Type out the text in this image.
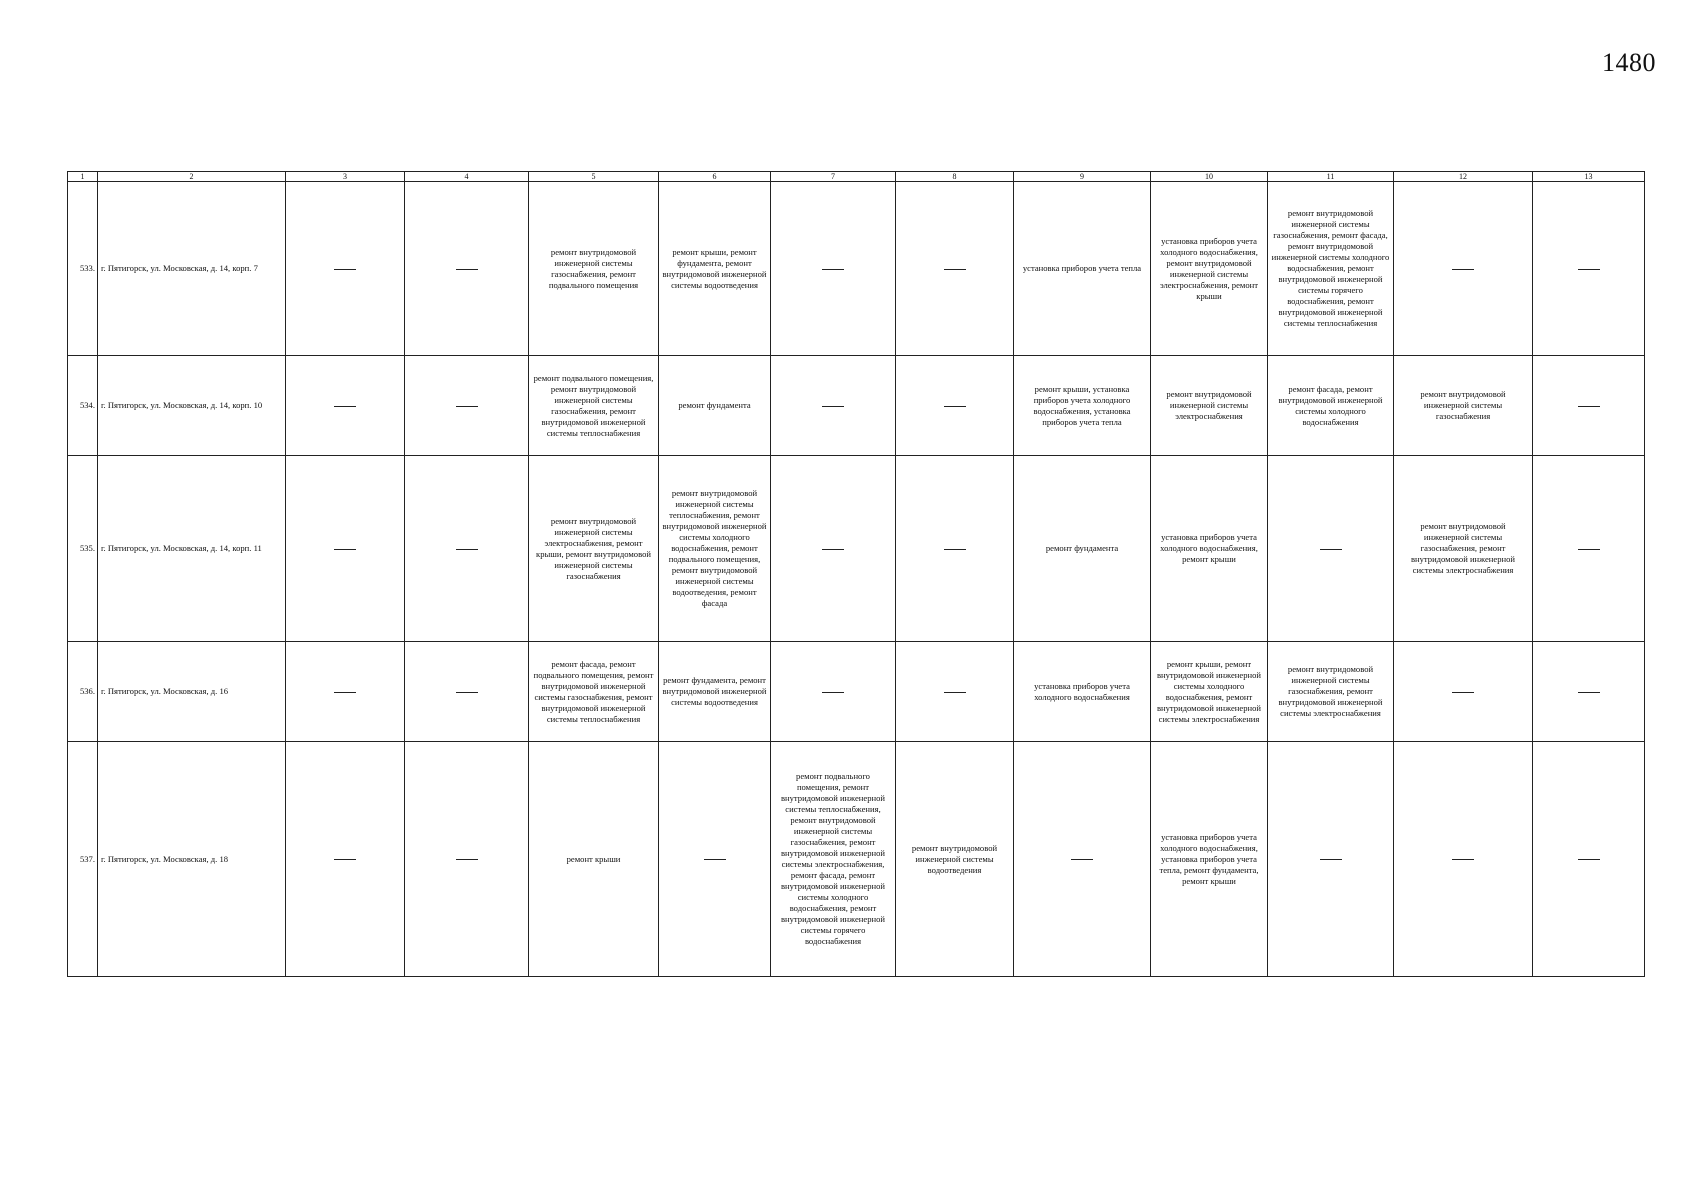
1480
1	2	3	4	5	6	7	8	9	10	11	12	13
533.	г. Пятигорск, ул. Московская, д. 14, корп. 7			ремонт внутридомовой инженерной системы газоснабжения, ремонт подвального помещения	ремонт крыши, ремонт фундамента, ремонт внутридомовой инженерной системы водоотведения			установка приборов учета тепла	установка приборов учета холодного водоснабжения, ремонт внутридомовой инженерной системы электроснабжения, ремонт крыши	ремонт внутридомовой инженерной системы газоснабжения, ремонт фасада, ремонт внутридомовой инженерной системы холодного водоснабжения, ремонт внутридомовой инженерной системы горячего водоснабжения, ремонт внутридомовой инженерной системы теплоснабжения		
534.	г. Пятигорск, ул. Московская, д. 14, корп. 10			ремонт подвального помещения, ремонт внутридомовой инженерной системы газоснабжения, ремонт внутридомовой инженерной системы теплоснабжения	ремонт фундамента			ремонт крыши, установка приборов учета холодного водоснабжения, установка приборов учета тепла	ремонт внутридомовой инженерной системы электроснабжения	ремонт фасада, ремонт внутридомовой инженерной системы холодного водоснабжения	ремонт внутридомовой инженерной системы газоснабжения	
535.	г. Пятигорск, ул. Московская, д. 14, корп. 11			ремонт внутридомовой инженерной системы электроснабжения, ремонт крыши, ремонт внутридомовой инженерной системы газоснабжения	ремонт внутридомовой инженерной системы теплоснабжения, ремонт внутридомовой инженерной системы холодного водоснабжения, ремонт подвального помещения, ремонт внутридомовой инженерной системы водоотведения, ремонт фасада			ремонт фундамента	установка приборов учета холодного водоснабжения, ремонт крыши		ремонт внутридомовой инженерной системы газоснабжения, ремонт внутридомовой инженерной системы электроснабжения	
536.	г. Пятигорск, ул. Московская, д. 16			ремонт фасада, ремонт подвального помещения, ремонт внутридомовой инженерной системы газоснабжения, ремонт внутридомовой инженерной системы теплоснабжения	ремонт фундамента, ремонт внутридомовой инженерной системы водоотведения			установка приборов учета холодного водоснабжения	ремонт крыши, ремонт внутридомовой инженерной системы холодного водоснабжения, ремонт внутридомовой инженерной системы электроснабжения	ремонт внутридомовой инженерной системы газоснабжения, ремонт внутридомовой инженерной системы электроснабжения		
537.	г. Пятигорск, ул. Московская, д. 18			ремонт крыши		ремонт подвального помещения, ремонт внутридомовой инженерной системы теплоснабжения, ремонт внутридомовой инженерной системы газоснабжения, ремонт внутридомовой инженерной системы электроснабжения, ремонт фасада, ремонт внутридомовой инженерной системы холодного водоснабжения, ремонт внутридомовой инженерной системы горячего водоснабжения	ремонт внутридомовой инженерной системы водоотведения		установка приборов учета холодного водоснабжения, установка приборов учета тепла, ремонт фундамента, ремонт крыши			
